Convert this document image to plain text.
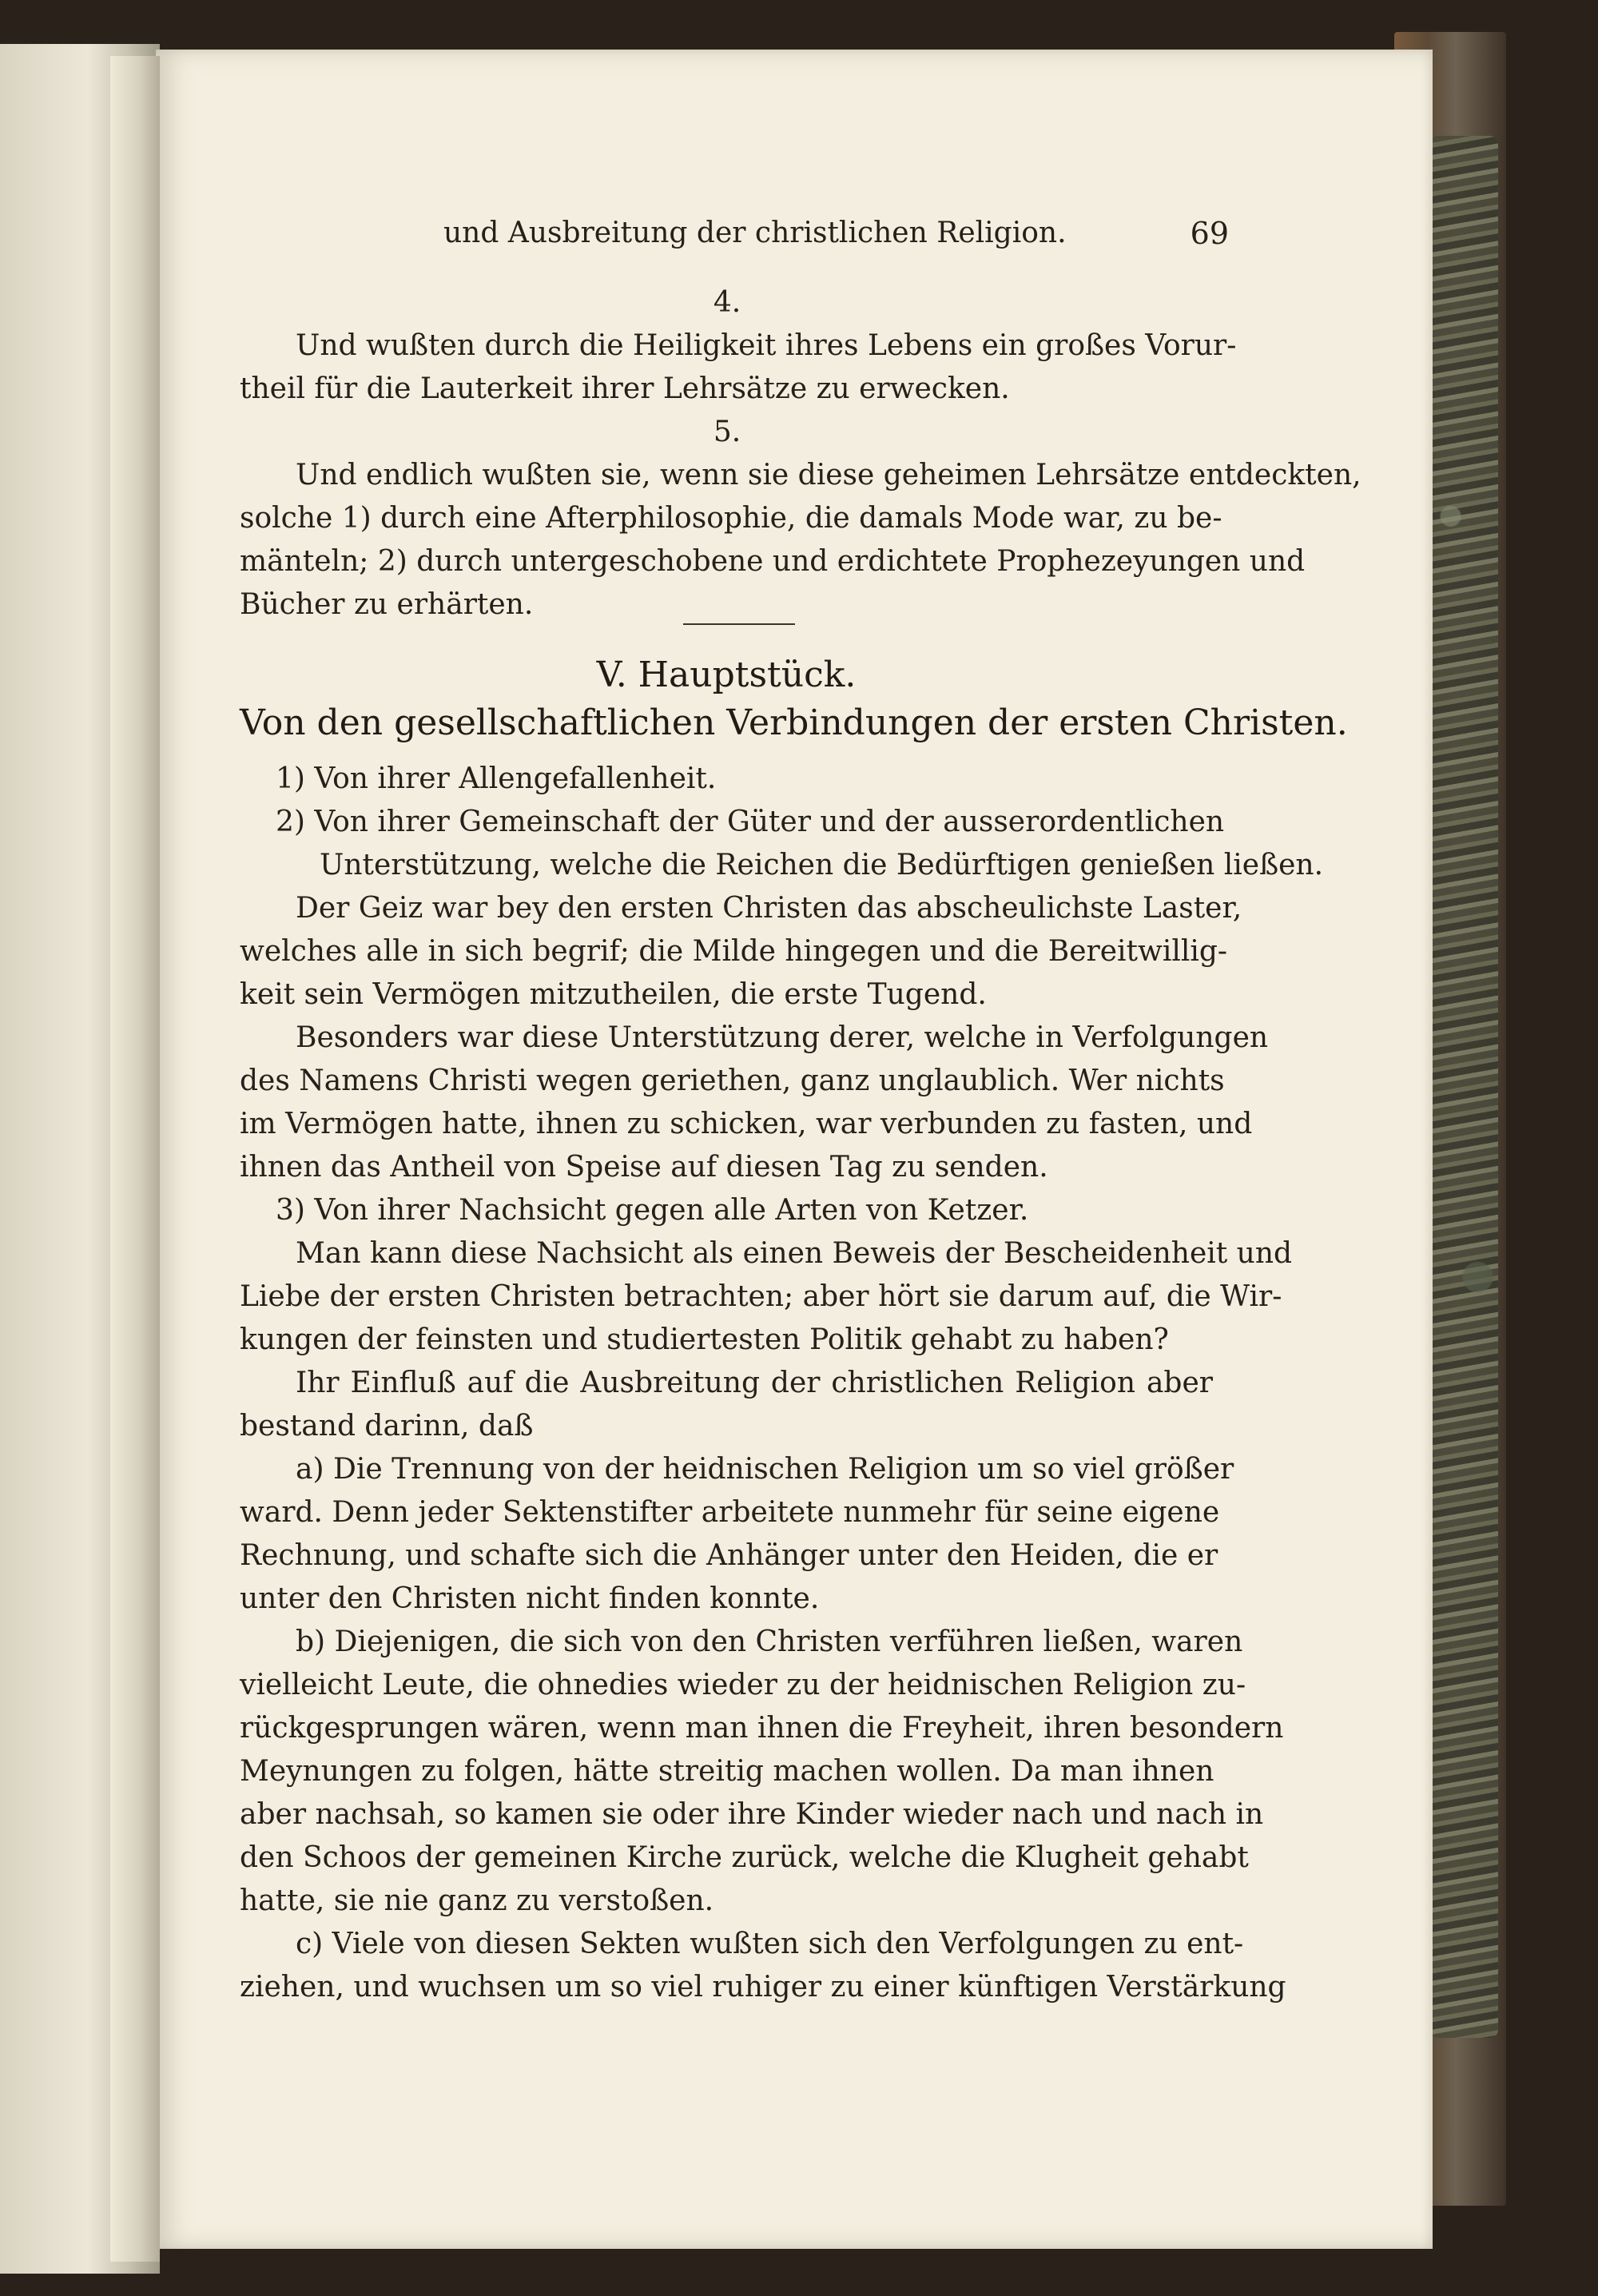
und Ausbreitung der christlichen Religion.	69
4.
Und wußten durch die Heiligkeit ihres Lebens ein großes Vorur-
theil für die Lauterkeit ihrer Lehrsätze zu erwecken.
5.
Und endlich wußten sie, wenn sie diese geheimen Lehrsätze entdeckten,
solche 1) durch eine Afterphilosophie, die damals Mode war, zu be-
mänteln; 2) durch untergeschobene und erdichtete Prophezeyungen und
Bücher zu erhärten.
V. Hauptstück.
Von den gesellschaftlichen Verbindungen der ersten Christen.
1) Von ihrer Allengefallenheit.
2) Von ihrer Gemeinschaft der Güter und der ausserordentlichen
Unterstützung, welche die Reichen die Bedürftigen genießen ließen.
Der Geiz war bey den ersten Christen das abscheulichste Laster,
welches alle in sich begrif; die Milde hingegen und die Bereitwillig-
keit sein Vermögen mitzutheilen, die erste Tugend.
Besonders war diese Unterstützung derer, welche in Verfolgungen
des Namens Christi wegen geriethen, ganz unglaublich. Wer nichts
im Vermögen hatte, ihnen zu schicken, war verbunden zu fasten, und
ihnen das Antheil von Speise auf diesen Tag zu senden.
3) Von ihrer Nachsicht gegen alle Arten von Ketzer.
Man kann diese Nachsicht als einen Beweis der Bescheidenheit und
Liebe der ersten Christen betrachten; aber hört sie darum auf, die Wir-
kungen der feinsten und studiertesten Politik gehabt zu haben?
Ihr Einfluß auf die Ausbreitung der christlichen Religion aber
bestand darinn, daß
a) Die Trennung von der heidnischen Religion um so viel größer
ward. Denn jeder Sektenstifter arbeitete nunmehr für seine eigene
Rechnung, und schafte sich die Anhänger unter den Heiden, die er
unter den Christen nicht finden konnte.
b) Diejenigen, die sich von den Christen verführen ließen, waren
vielleicht Leute, die ohnedies wieder zu der heidnischen Religion zu-
rückgesprungen wären, wenn man ihnen die Freyheit, ihren besondern
Meynungen zu folgen, hätte streitig machen wollen. Da man ihnen
aber nachsah, so kamen sie oder ihre Kinder wieder nach und nach in
den Schoos der gemeinen Kirche zurück, welche die Klugheit gehabt
hatte, sie nie ganz zu verstoßen.
c) Viele von diesen Sekten wußten sich den Verfolgungen zu ent-
ziehen, und wuchsen um so viel ruhiger zu einer künftigen Verstärkung
